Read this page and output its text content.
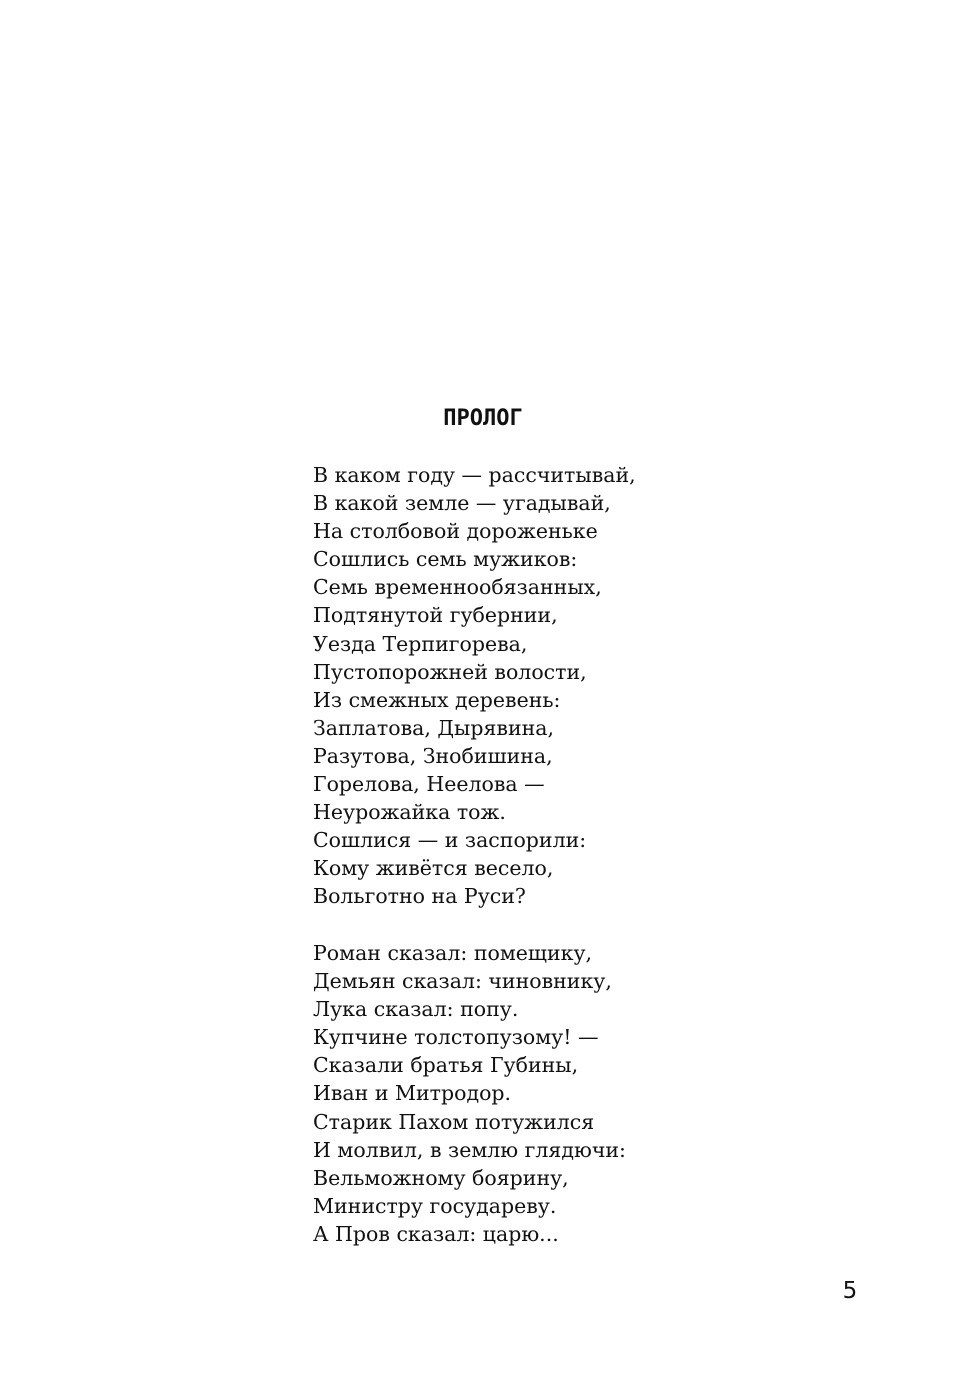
ПРОЛОГ
В каком году — рассчитывай,
В какой земле — угадывай,
На столбовой дороженьке
Сошлись семь мужиков:
Семь временнообязанных,
Подтянутой губернии,
Уезда Терпигорева,
Пустопорожней волости,
Из смежных деревень:
Заплатова, Дырявина,
Разутова, Знобишина,
Горелова, Неелова —
Неурожайка тож.
Сошлися — и заспорили:
Кому живётся весело,
Вольготно на Руси?
Роман сказал: помещику,
Демьян сказал: чиновнику,
Лука сказал: попу.
Купчине толстопузому! —
Сказали братья Губины,
Иван и Митродор.
Старик Пахом потужился
И молвил, в землю глядючи:
Вельможному боярину,
Министру государеву.
А Пров сказал: царю...
5
